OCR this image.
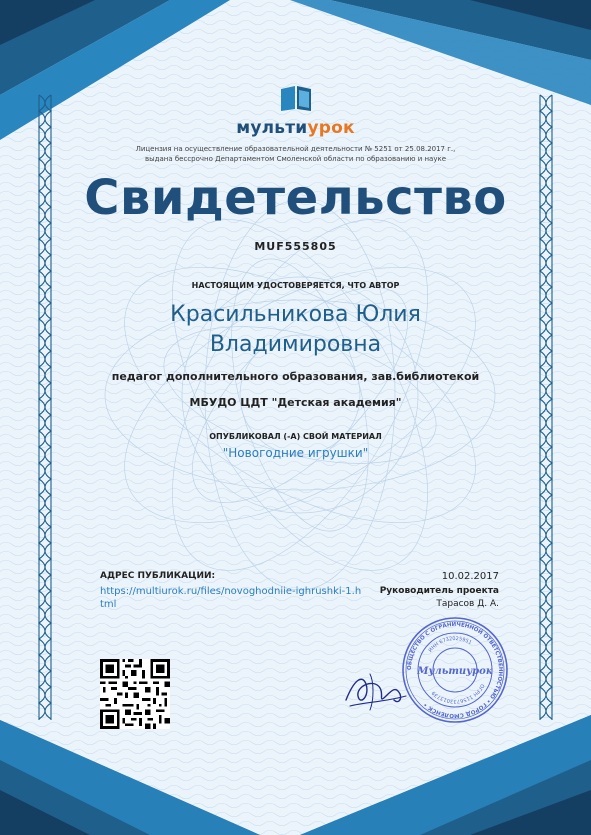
мультиурок
Лицензия на осуществление образовательной деятельности № 5251 от 25.08.2017 г.,
выдана бессрочно Департаментом Смоленской области по образованию и науке
Свидетельство
MUF555805
НАСТОЯЩИМ УДОСТОВЕРЯЕТСЯ, ЧТО АВТОР
Красильникова Юлия
Владимировна
педагог дополнительного образования, зав.библиотекой
МБУДО ЦДТ "Детская академия"
ОПУБЛИКОВАЛ (-А) СВОЙ МАТЕРИАЛ
"Новогодние игрушки"
АДРЕС ПУБЛИКАЦИИ:
https://multiurok.ru/files/novoghodniie-ighrushki-1.html
10.02.2017
Руководитель проекта
Тарасов Д. А.
ОБЩЕСТВО С ОГРАНИЧЕННОЙ ОТВЕТСТВЕННОСТЬЮ • ГОРОД СМОЛЕНСК •
ИНН 6732025951
ОГРН 1156733013739
Мультиурок
